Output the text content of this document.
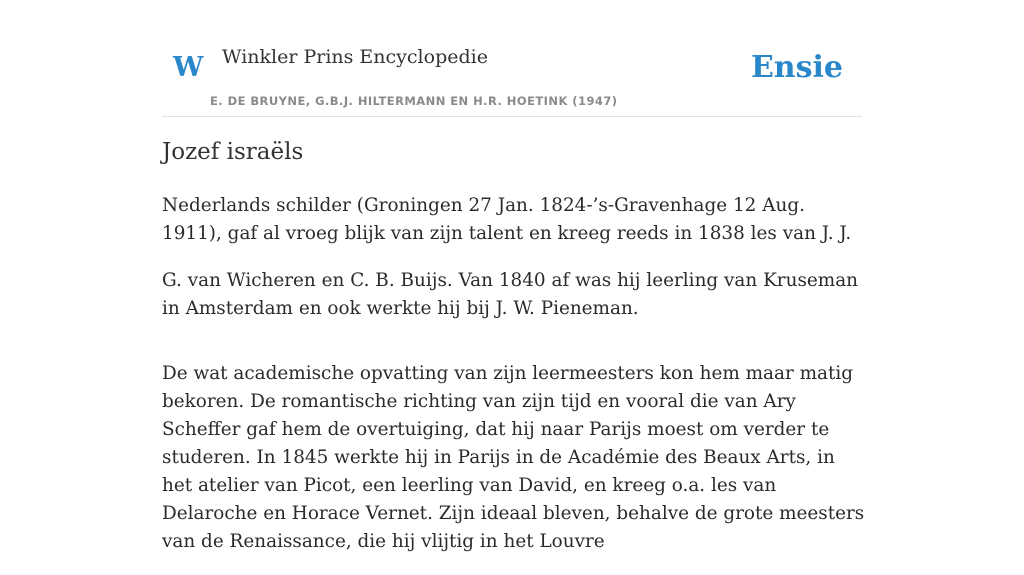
W Winkler Prins Encyclopedie
E. DE BRUYNE, G.B.J. HILTERMANN EN H.R. HOETINK (1947)
Ensie
Jozef israëls

Nederlands schilder (Groningen 27 Jan. 1824-’s-Gravenhage 12 Aug. 1911), gaf al vroeg blijk van zijn talent en kreeg reeds in 1838 les van J. J.

G. van Wicheren en C. B. Buijs. Van 1840 af was hij leerling van Kruseman in Amsterdam en ook werkte hij bij J. W. Pieneman.

De wat academische opvatting van zijn leermeesters kon hem maar matig bekoren. De romantische richting van zijn tijd en vooral die van Ary Scheffer gaf hem de overtuiging, dat hij naar Parijs moest om verder te studeren. In 1845 werkte hij in Parijs in de Académie des Beaux Arts, in het atelier van Picot, een leerling van David, en kreeg o.a. les van Delaroche en Horace Vernet. Zijn ideaal bleven, behalve de grote meesters van de Renaissance, die hij vlijtig in het Louvre
